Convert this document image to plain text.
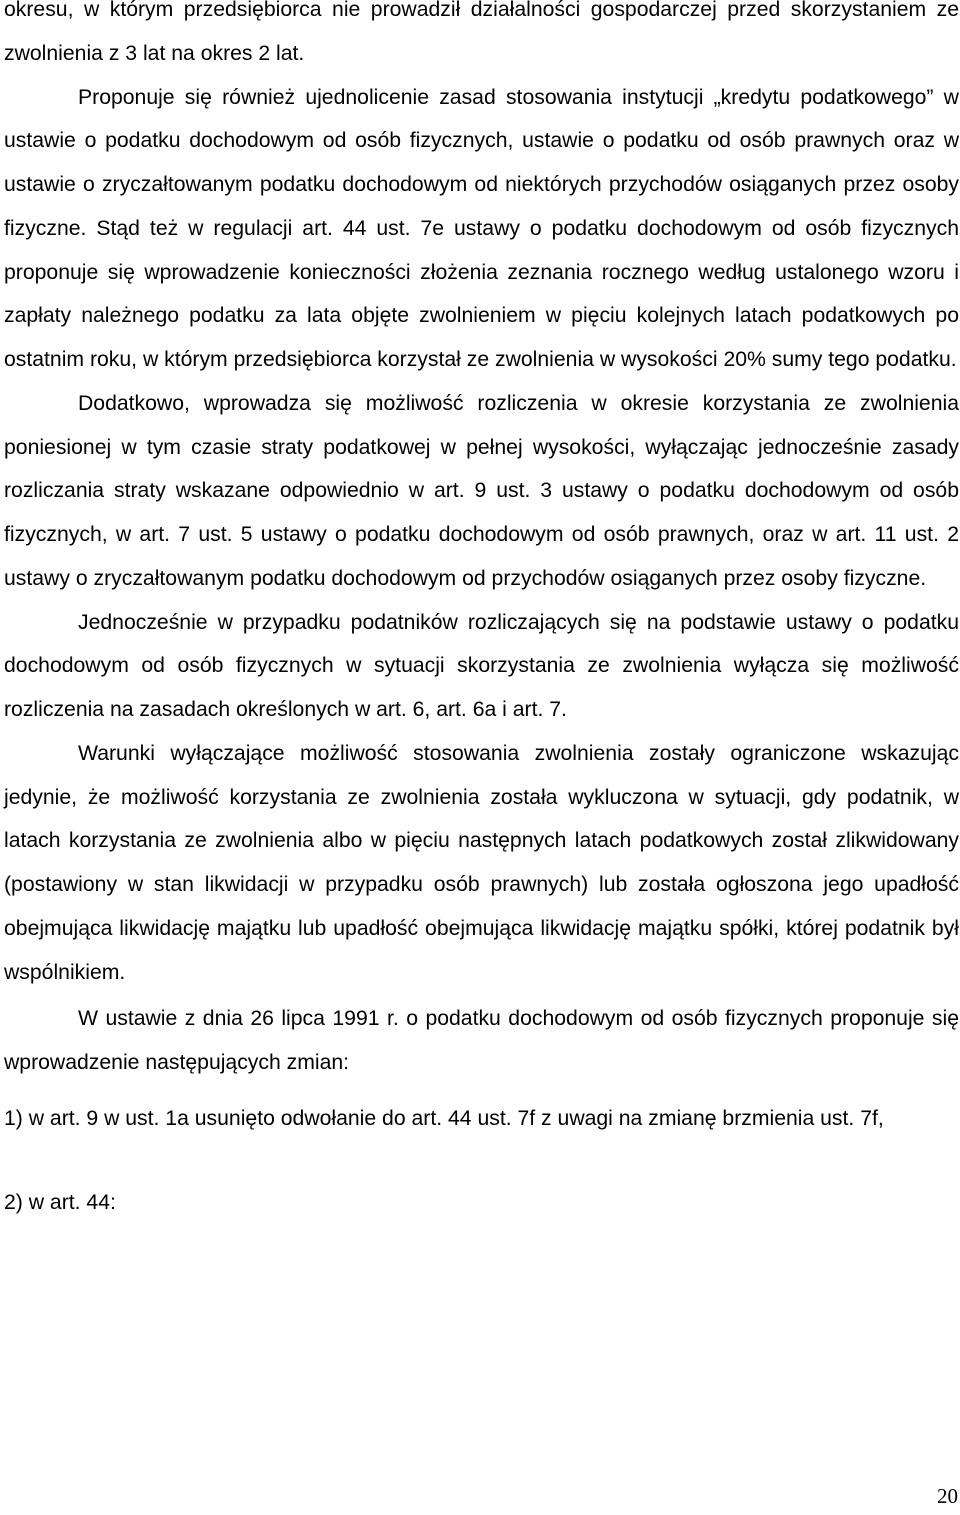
okresu, w którym przedsiębiorca nie prowadził działalności gospodarczej przed skorzystaniem ze zwolnienia z 3 lat na okres 2 lat.

Proponuje się również ujednolicenie zasad stosowania instytucji „kredytu podatkowego” w ustawie o podatku dochodowym od osób fizycznych, ustawie o podatku od osób prawnych oraz w ustawie o zryczałtowanym podatku dochodowym od niektórych przychodów osiąganych przez osoby fizyczne. Stąd też w regulacji art. 44 ust. 7e ustawy o podatku dochodowym od osób fizycznych proponuje się wprowadzenie konieczności złożenia zeznania rocznego według ustalonego wzoru i zapłaty należnego podatku za lata objęte zwolnieniem w pięciu kolejnych latach podatkowych po ostatnim roku, w którym przedsiębiorca korzystał ze zwolnienia w wysokości 20% sumy tego podatku.

Dodatkowo, wprowadza się możliwość rozliczenia w okresie korzystania ze zwolnienia poniesionej w tym czasie straty podatkowej w pełnej wysokości, wyłączając jednocześnie zasady rozliczania straty wskazane odpowiednio w art. 9 ust. 3 ustawy o podatku dochodowym od osób fizycznych, w art. 7 ust. 5 ustawy o podatku dochodowym od osób prawnych, oraz w art. 11 ust. 2 ustawy o zryczałtowanym podatku dochodowym od przychodów osiąganych przez osoby fizyczne.

Jednocześnie w przypadku podatników rozliczających się na podstawie ustawy o podatku dochodowym od osób fizycznych w sytuacji skorzystania ze zwolnienia wyłącza się możliwość rozliczenia na zasadach określonych w art. 6, art. 6a i art. 7.

Warunki wyłączające możliwość stosowania zwolnienia zostały ograniczone wskazując jedynie, że możliwość korzystania ze zwolnienia została wykluczona w sytuacji, gdy podatnik, w latach korzystania ze zwolnienia albo w pięciu następnych latach podatkowych został zlikwidowany (postawiony w stan likwidacji w przypadku osób prawnych) lub została ogłoszona jego upadłość obejmująca likwidację majątku lub upadłość obejmująca likwidację majątku spółki, której podatnik był wspólnikiem.

W ustawie z dnia 26 lipca 1991 r. o podatku dochodowym od osób fizycznych proponuje się wprowadzenie następujących zmian:

1) w art. 9 w ust. 1a usunięto odwołanie do art. 44 ust. 7f z uwagi na zmianę brzmienia ust. 7f,

2) w art. 44:

20
